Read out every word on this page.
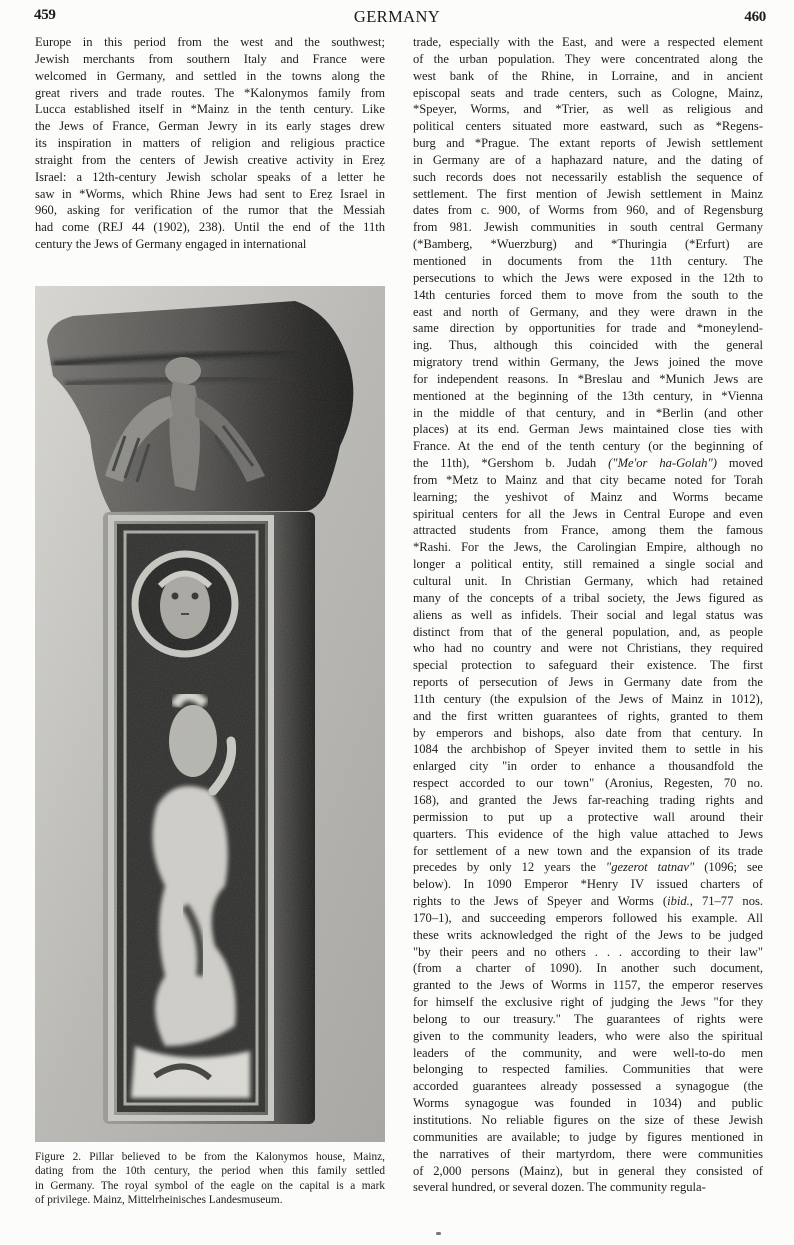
459	GERMANY	460
Europe in this period from the west and the southwest;
Jewish merchants from southern Italy and France were
welcomed in Germany, and settled in the towns along the
great rivers and trade routes. The *Kalonymos family from
Lucca established itself in *Mainz in the tenth century. Like
the Jews of France, German Jewry in its early stages drew
its inspiration in matters of religion and religious practice
straight from the centers of Jewish creative activity in Ereẓ
Israel: a 12th-century Jewish scholar speaks of a letter he
saw in *Worms, which Rhine Jews had sent to Ereẓ Israel in
960, asking for verification of the rumor that the Messiah
had come (REJ 44 (1902), 238). Until the end of the 11th
century the Jews of Germany engaged in international
Figure 2. Pillar believed to be from the Kalonymos house, Mainz,
dating from the 10th century, the period when this family settled
in Germany. The royal symbol of the eagle on the capital is a mark
of privilege. Mainz, Mittelrheinisches Landesmuseum.
trade, especially with the East, and were a respected element
of the urban population. They were concentrated along the
west bank of the Rhine, in Lorraine, and in ancient
episcopal seats and trade centers, such as Cologne, Mainz,
*Speyer, Worms, and *Trier, as well as religious and
political centers situated more eastward, such as *Regens-
burg and *Prague. The extant reports of Jewish settlement
in Germany are of a haphazard nature, and the dating of
such records does not necessarily establish the sequence of
settlement. The first mention of Jewish settlement in Mainz
dates from c. 900, of Worms from 960, and of Regensburg
from 981. Jewish communities in south central Germany
(*Bamberg, *Wuerzburg) and *Thuringia (*Erfurt) are
mentioned in documents from the 11th century. The
persecutions to which the Jews were exposed in the 12th to
14th centuries forced them to move from the south to the
east and north of Germany, and they were drawn in the
same direction by opportunities for trade and *moneylend-
ing. Thus, although this coincided with the general
migratory trend within Germany, the Jews joined the move
for independent reasons. In *Breslau and *Munich Jews are
mentioned at the beginning of the 13th century, in *Vienna
in the middle of that century, and in *Berlin (and other
places) at its end. German Jews maintained close ties with
France. At the end of the tenth century (or the beginning of
the 11th), *Gershom b. Judah ("Me'or ha-Golah") moved
from *Metz to Mainz and that city became noted for Torah
learning; the yeshivot of Mainz and Worms became
spiritual centers for all the Jews in Central Europe and even
attracted students from France, among them the famous
*Rashi. For the Jews, the Carolingian Empire, although no
longer a political entity, still remained a single social and
cultural unit. In Christian Germany, which had retained
many of the concepts of a tribal society, the Jews figured as
aliens as well as infidels. Their social and legal status was
distinct from that of the general population, and, as people
who had no country and were not Christians, they required
special protection to safeguard their existence. The first
reports of persecution of Jews in Germany date from the
11th century (the expulsion of the Jews of Mainz in 1012),
and the first written guarantees of rights, granted to them
by emperors and bishops, also date from that century. In
1084 the archbishop of Speyer invited them to settle in his
enlarged city "in order to enhance a thousandfold the
respect accorded to our town" (Aronius, Regesten, 70 no.
168), and granted the Jews far-reaching trading rights and
permission to put up a protective wall around their
quarters. This evidence of the high value attached to Jews
for settlement of a new town and the expansion of its trade
precedes by only 12 years the "gezerot tatnav" (1096; see
below). In 1090 Emperor *Henry IV issued charters of
rights to the Jews of Speyer and Worms (ibid., 71–77 nos.
170–1), and succeeding emperors followed his example. All
these writs acknowledged the right of the Jews to be judged
"by their peers and no others . . . according to their law"
(from a charter of 1090). In another such document,
granted to the Jews of Worms in 1157, the emperor reserves
for himself the exclusive right of judging the Jews "for they
belong to our treasury." The guarantees of rights were
given to the community leaders, who were also the spiritual
leaders of the community, and were well-to-do men
belonging to respected families. Communities that were
accorded guarantees already possessed a synagogue (the
Worms synagogue was founded in 1034) and public
institutions. No reliable figures on the size of these Jewish
communities are available; to judge by figures mentioned in
the narratives of their martyrdom, there were communities
of 2,000 persons (Mainz), but in general they consisted of
several hundred, or several dozen. The community regula-
